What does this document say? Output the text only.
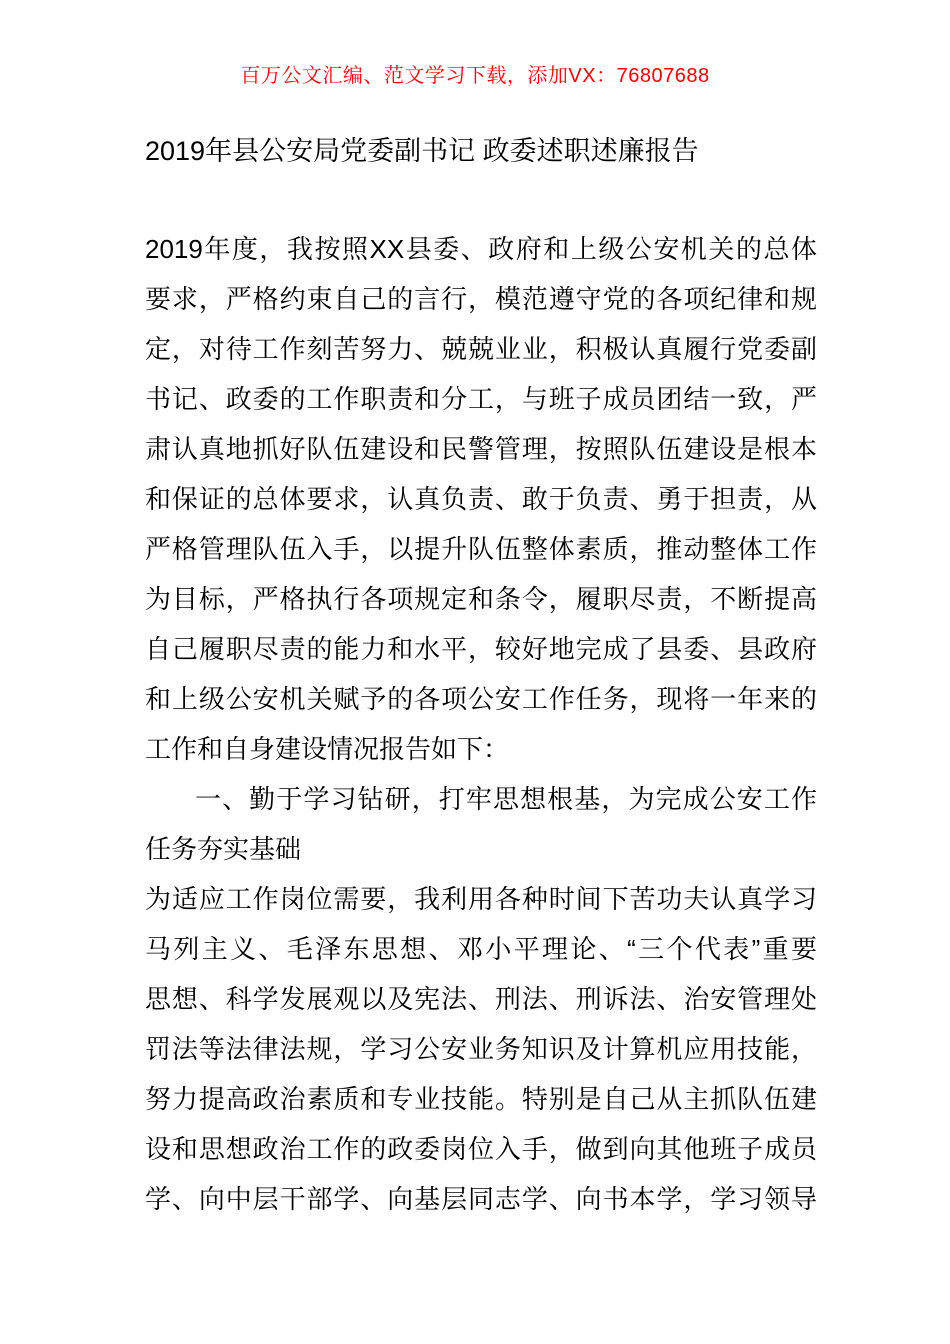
百万公文汇编、范文学习下载，添加VX：76807688
2019年县公安局党委副书记 政委述职述廉报告
2019年度，我按照XX县委、政府和上级公安机关的总体
要求，严格约束自己的言行，模范遵守党的各项纪律和规
定，对待工作刻苦努力、兢兢业业，积极认真履行党委副
书记、政委的工作职责和分工，与班子成员团结一致，严
肃认真地抓好队伍建设和民警管理，按照队伍建设是根本
和保证的总体要求，认真负责、敢于负责、勇于担责，从
严格管理队伍入手，以提升队伍整体素质，推动整体工作
为目标，严格执行各项规定和条令，履职尽责，不断提高
自己履职尽责的能力和水平，较好地完成了县委、县政府
和上级公安机关赋予的各项公安工作任务，现将一年来的
工作和自身建设情况报告如下：
一、勤于学习钻研，打牢思想根基，为完成公安工作
任务夯实基础
为适应工作岗位需要，我利用各种时间下苦功夫认真学习
马列主义、毛泽东思想、邓小平理论、“三个代表”重要
思想、科学发展观以及宪法、刑法、刑诉法、治安管理处
罚法等法律法规，学习公安业务知识及计算机应用技能，
努力提高政治素质和专业技能。特别是自己从主抓队伍建
设和思想政治工作的政委岗位入手，做到向其他班子成员
学、向中层干部学、向基层同志学、向书本学，学习领导
